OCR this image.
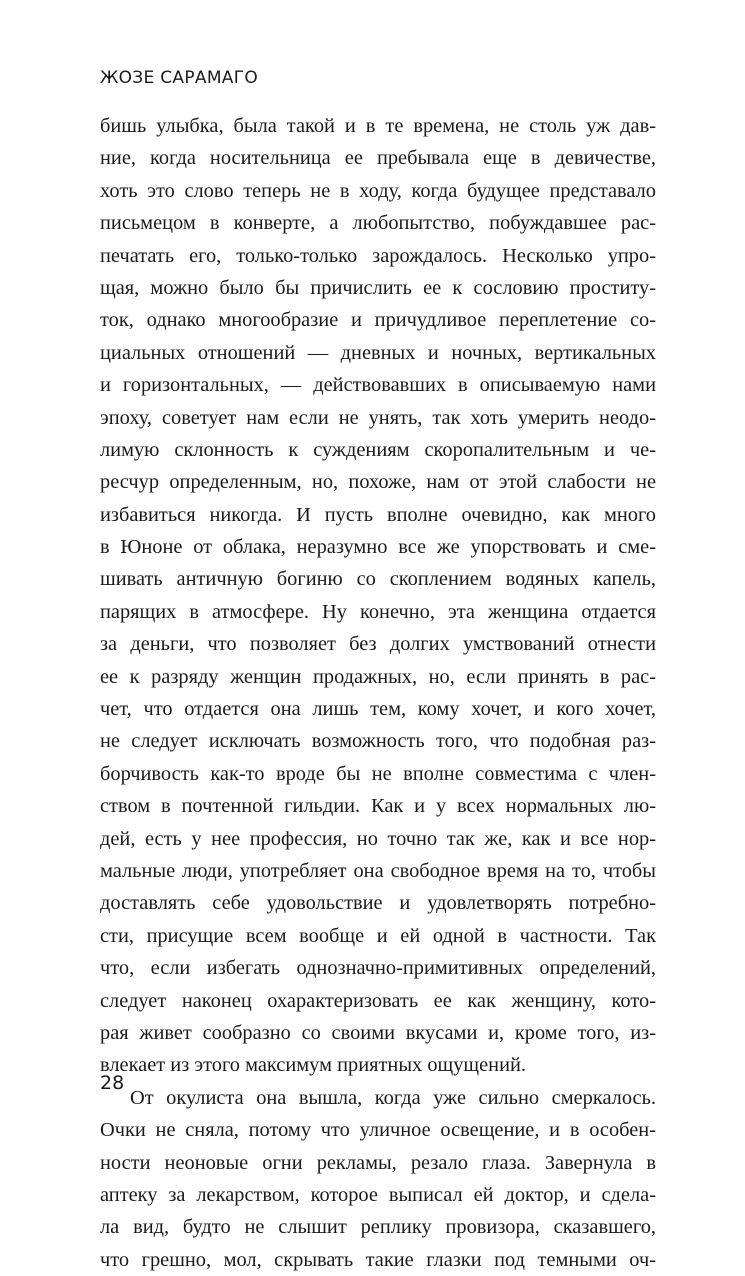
ЖОЗЕ САРАМАГО
бишь улыбка, была такой и в те времена, не столь уж дав-
ние, когда носительница ее пребывала еще в девичестве,
хоть это слово теперь не в ходу, когда будущее представало
письмецом в конверте, а любопытство, побуждавшее рас-
печатать его, только-только зарождалось. Несколько упро-
щая, можно было бы причислить ее к сословию проститу-
ток, однако многообразие и причудливое переплетение со-
циальных отношений — дневных и ночных, вертикальных
и горизонтальных, — действовавших в описываемую нами
эпоху, советует нам если не унять, так хоть умерить неодо-
лимую склонность к суждениям скоропалительным и че-
ресчур определенным, но, похоже, нам от этой слабости не
избавиться никогда. И пусть вполне очевидно, как много
в Юноне от облака, неразумно все же упорствовать и сме-
шивать античную богиню со скоплением водяных капель,
парящих в атмосфере. Ну конечно, эта женщина отдается
за деньги, что позволяет без долгих умствований отнести
ее к разряду женщин продажных, но, если принять в рас-
чет, что отдается она лишь тем, кому хочет, и кого хочет,
не следует исключать возможность того, что подобная раз-
борчивость как-то вроде бы не вполне совместима с член-
ством в почтенной гильдии. Как и у всех нормальных лю-
дей, есть у нее профессия, но точно так же, как и все нор-
мальные люди, употребляет она свободное время на то, чтобы
доставлять себе удовольствие и удовлетворять потребно-
сти, присущие всем вообще и ей одной в частности. Так
что, если избегать однозначно-примитивных определений,
следует наконец охарактеризовать ее как женщину, кото-
рая живет сообразно со своими вкусами и, кроме того, из-
влекает из этого максимум приятных ощущений.
От окулиста она вышла, когда уже сильно смеркалось.
Очки не сняла, потому что уличное освещение, и в особен-
ности неоновые огни рекламы, резало глаза. Завернула в
аптеку за лекарством, которое выписал ей доктор, и сдела-
ла вид, будто не слышит реплику провизора, сказавшего,
что грешно, мол, скрывать такие глазки под темными оч-
28
